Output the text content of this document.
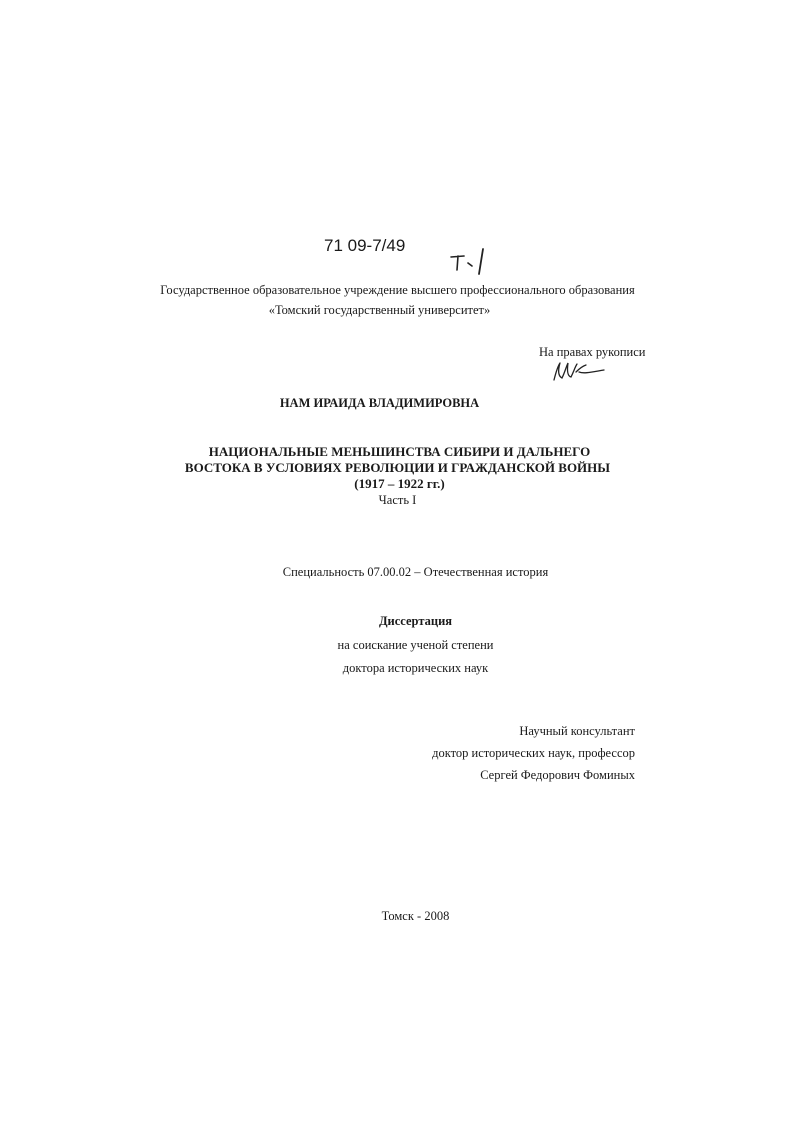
71 09-7/49
Государственное образовательное учреждение высшего профессионального образования
«Томский государственный университет»
На правах рукописи
НАМ ИРАИДА ВЛАДИМИРОВНА
НАЦИОНАЛЬНЫЕ МЕНЬШИНСТВА СИБИРИ И ДАЛЬНЕГО
ВОСТОКА В УСЛОВИЯХ РЕВОЛЮЦИИ И ГРАЖДАНСКОЙ ВОЙНЫ
(1917 – 1922 гг.)
Часть I
Специальность 07.00.02 – Отечественная история
Диссертация
на соискание ученой степени
доктора исторических наук
Научный консультант
доктор исторических наук, профессор
Сергей Федорович Фоминых
Томск - 2008
